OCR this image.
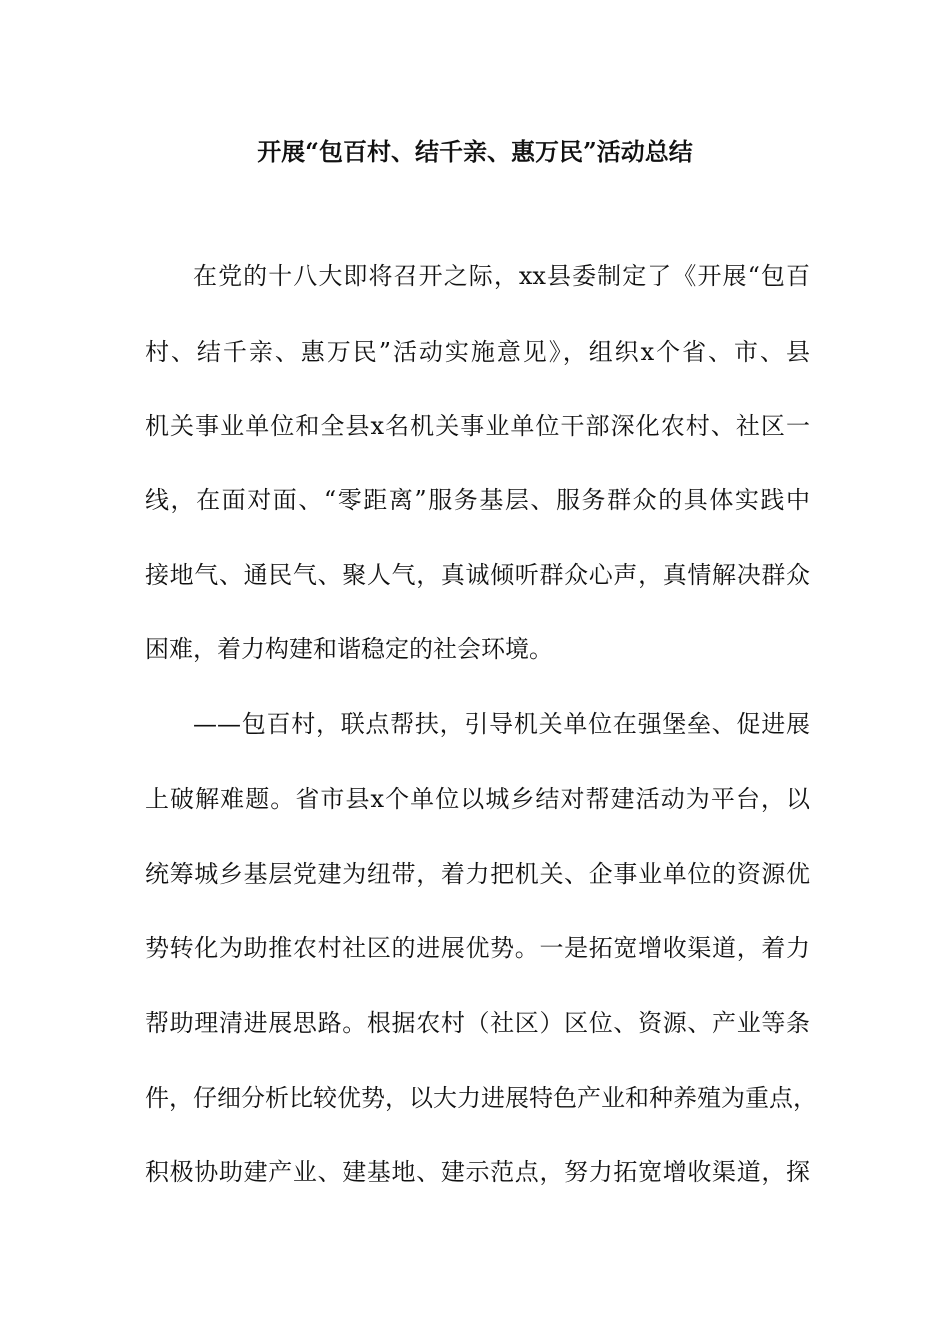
开展“包百村、结千亲、惠万民”活动总结
在党的十八大即将召开之际，xx县委制定了《开展“包百
村、结千亲、惠万民”活动实施意见》，组织x个省、市、县
机关事业单位和全县x名机关事业单位干部深化农村、社区一
线，在面对面、“零距离”服务基层、服务群众的具体实践中
接地气、通民气、聚人气，真诚倾听群众心声，真情解决群众
困难，着力构建和谐稳定的社会环境。
——包百村，联点帮扶，引导机关单位在强堡垒、促进展
上破解难题。省市县x个单位以城乡结对帮建活动为平台，以
统筹城乡基层党建为纽带，着力把机关、企事业单位的资源优
势转化为助推农村社区的进展优势。一是拓宽增收渠道，着力
帮助理清进展思路。根据农村（社区）区位、资源、产业等条
件，仔细分析比较优势，以大力进展特色产业和种养殖为重点，
积极协助建产业、建基地、建示范点，努力拓宽增收渠道，探
